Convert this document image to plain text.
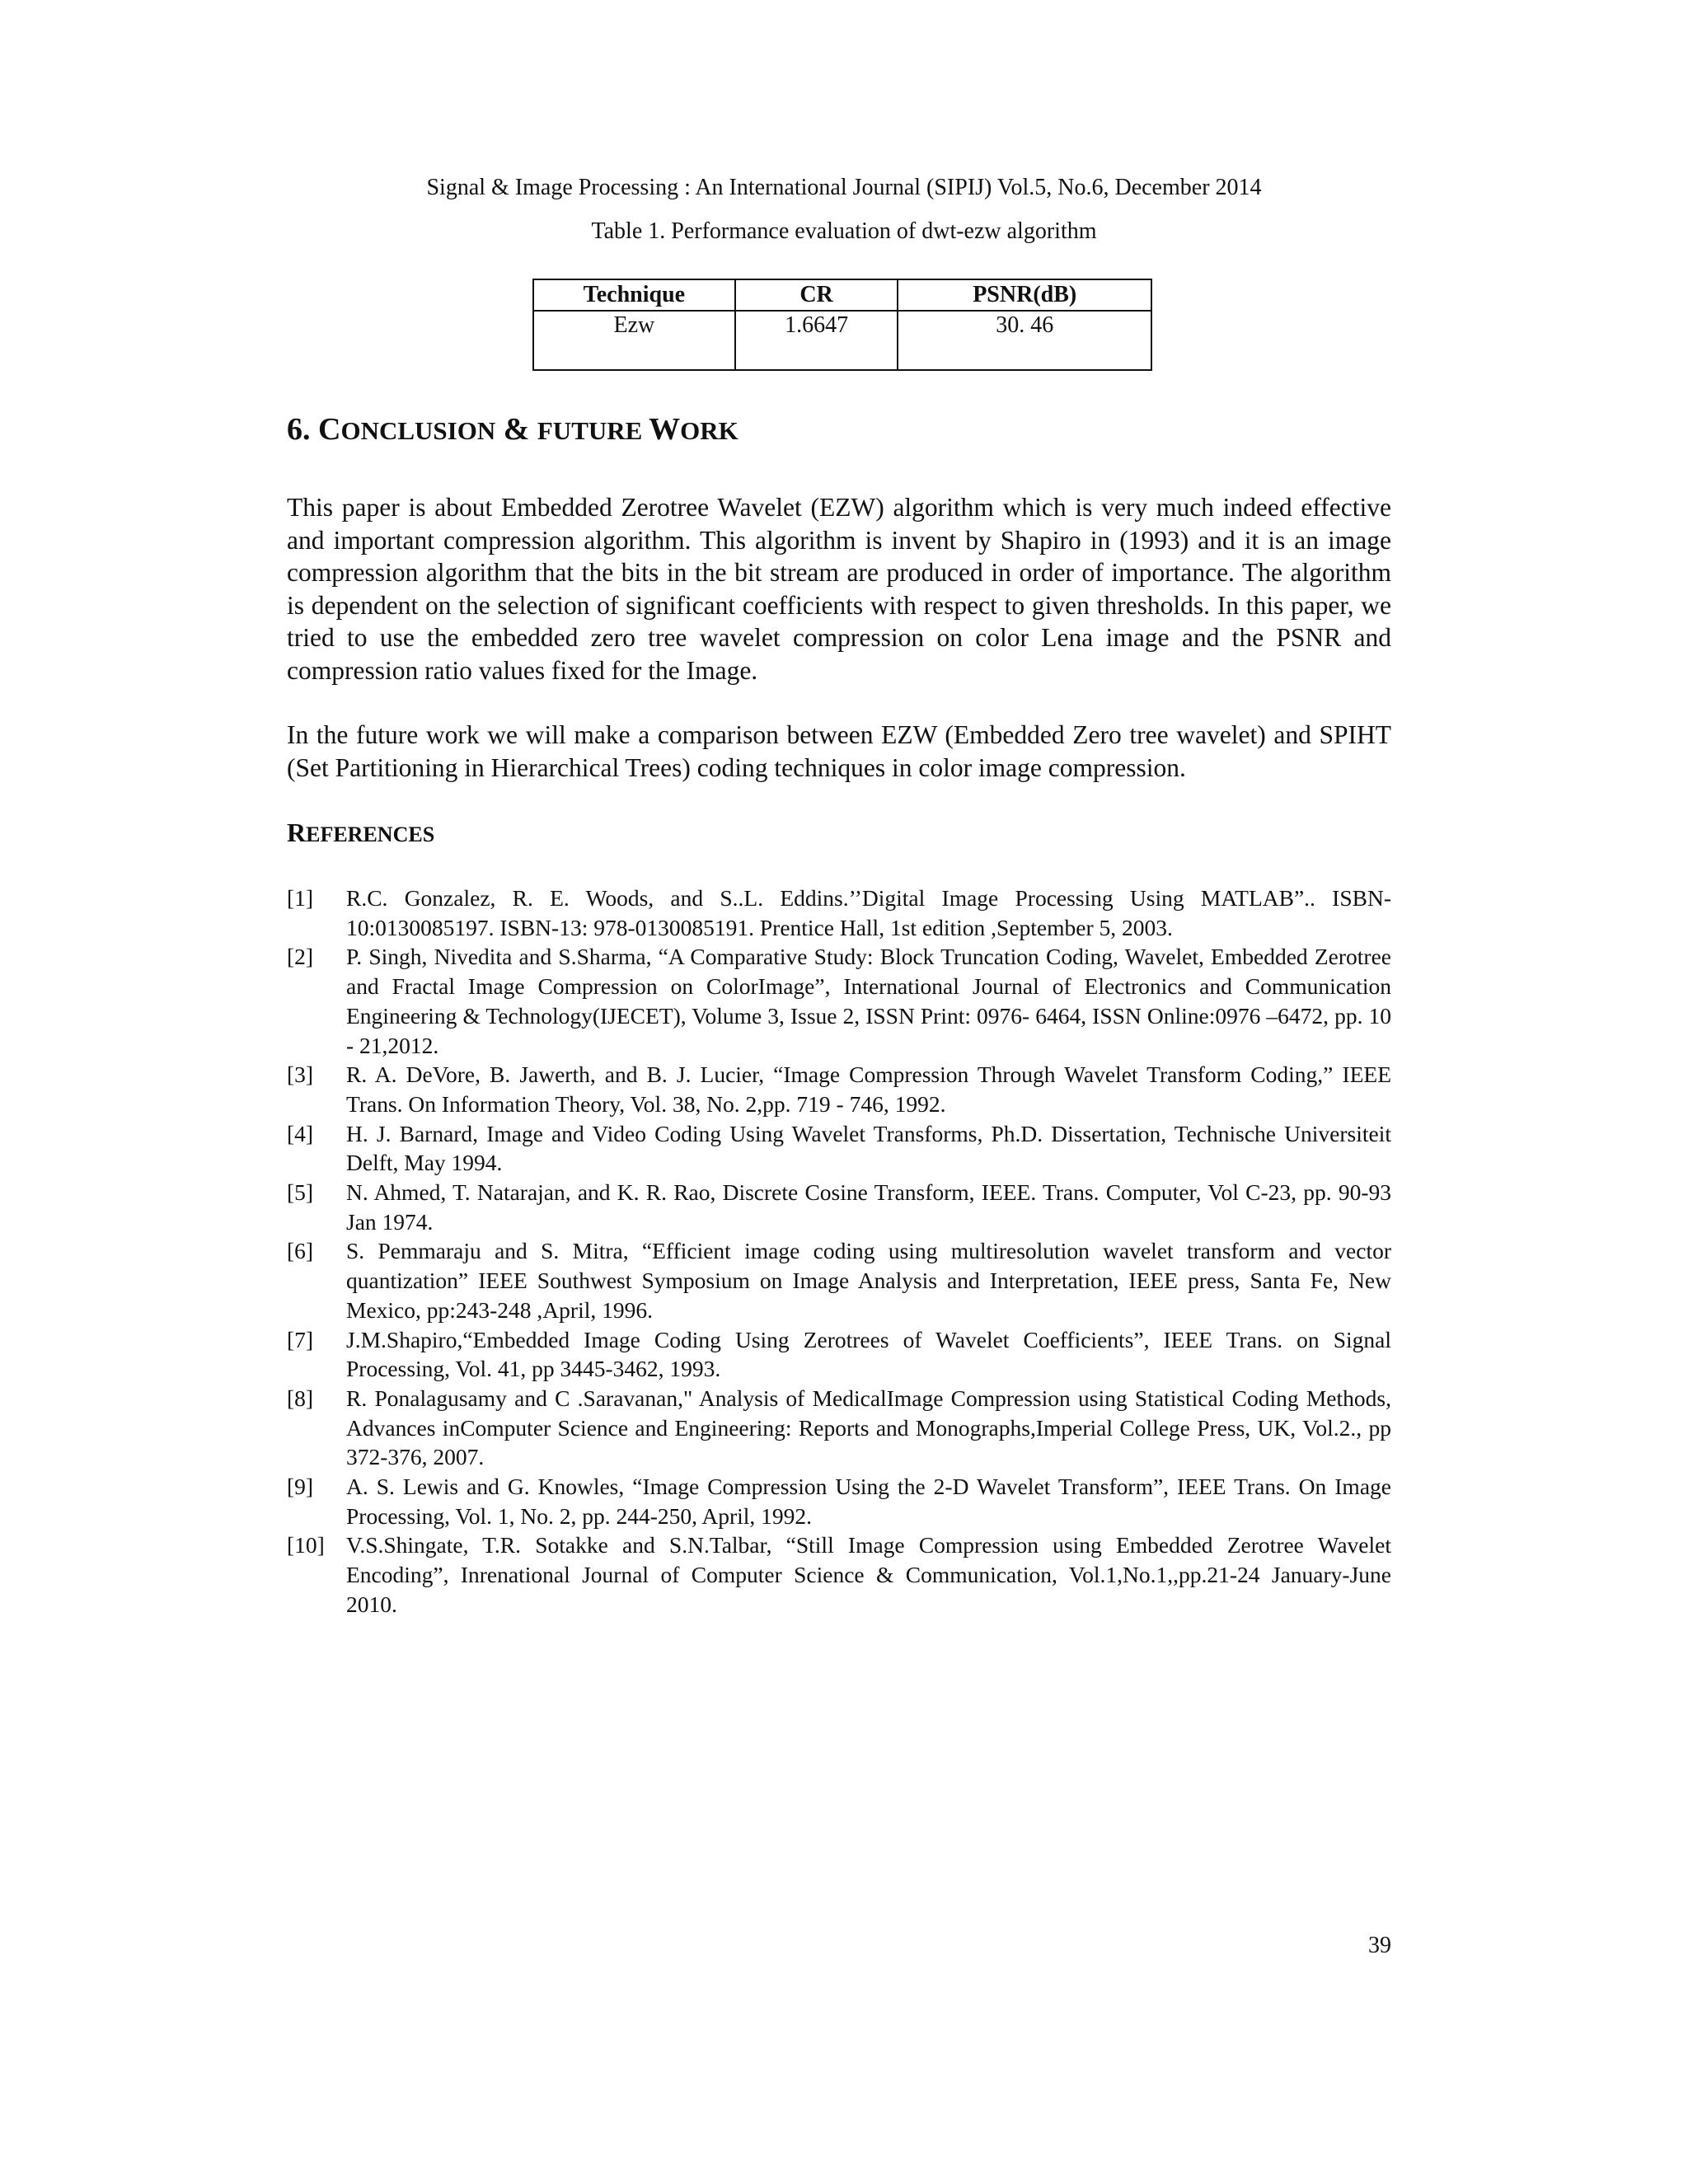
Signal & Image Processing : An International Journal (SIPIJ) Vol.5, No.6, December 2014
Table 1. Performance evaluation of dwt-ezw algorithm
Technique	CR	PSNR(dB)
Ezw	1.6647	30. 46
6. CONCLUSION & FUTURE WORK

This paper is about Embedded Zerotree Wavelet (EZW) algorithm which is very much indeed effective and important compression algorithm. This algorithm is invent by Shapiro in (1993) and it is an image compression algorithm that the bits in the bit stream are produced in order of importance. The algorithm is dependent on the selection of significant coefficients with respect to given thresholds. In this paper, we tried to use the embedded zero tree wavelet compression on color Lena image and the PSNR and compression ratio values fixed for the Image.

In the future work we will make a comparison between EZW (Embedded Zero tree wavelet) and SPIHT (Set Partitioning in Hierarchical Trees) coding techniques in color image compression.

REFERENCES
[1] R.C. Gonzalez, R. E. Woods, and S..L. Eddins.’’Digital Image Processing Using MATLAB”.. ISBN-10:0130085197. ISBN-13: 978-0130085191. Prentice Hall, 1st edition ,September 5, 2003.
[2] P. Singh, Nivedita and S.Sharma, “A Comparative Study: Block Truncation Coding, Wavelet, Embedded Zerotree and Fractal Image Compression on ColorImage”, International Journal of Electronics and Communication Engineering & Technology(IJECET), Volume 3, Issue 2, ISSN Print: 0976- 6464, ISSN Online:0976 –6472, pp. 10 - 21,2012.
[3] R. A. DeVore, B. Jawerth, and B. J. Lucier, “Image Compression Through Wavelet Transform Coding,” IEEE Trans. On Information Theory, Vol. 38, No. 2,pp. 719 - 746, 1992.
[4] H. J. Barnard, Image and Video Coding Using Wavelet Transforms, Ph.D. Dissertation, Technische Universiteit Delft, May 1994.
[5] N. Ahmed, T. Natarajan, and K. R. Rao, Discrete Cosine Transform, IEEE. Trans. Computer, Vol C-23, pp. 90-93 Jan 1974.
[6] S. Pemmaraju and S. Mitra, “Efficient image coding using multiresolution wavelet transform and vector quantization” IEEE Southwest Symposium on Image Analysis and Interpretation, IEEE press, Santa Fe, New Mexico, pp:243-248 ,April, 1996.
[7] J.M.Shapiro,“Embedded Image Coding Using Zerotrees of Wavelet Coefficients”, IEEE Trans. on Signal Processing, Vol. 41, pp 3445-3462, 1993.
[8] R. Ponalagusamy and C .Saravanan," Analysis of MedicalImage Compression using Statistical Coding Methods, Advances inComputer Science and Engineering: Reports and Monographs,Imperial College Press, UK, Vol.2., pp 372-376, 2007.
[9] A. S. Lewis and G. Knowles, “Image Compression Using the 2-D Wavelet Transform”, IEEE Trans. On Image Processing, Vol. 1, No. 2, pp. 244-250, April, 1992.
[10] V.S.Shingate, T.R. Sotakke and S.N.Talbar, “Still Image Compression using Embedded Zerotree Wavelet Encoding”, Inrenational Journal of Computer Science & Communication, Vol.1,No.1,,pp.21-24 January-June 2010.
39
